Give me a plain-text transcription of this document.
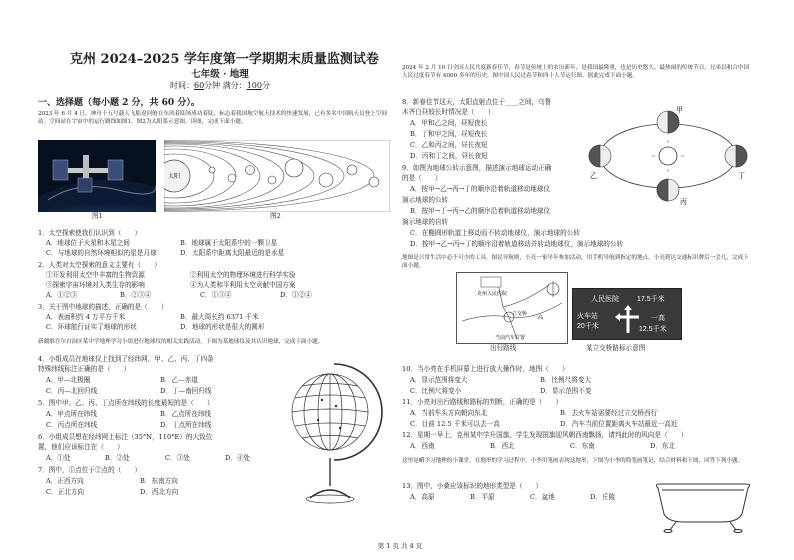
克州 2024–2025 学年度第一学期期末质量监测试卷
七年级 · 地理
时间：60分钟 满分：100分
一、选择题（每小题 2 分，共 60 分）。
2023 年 6 月 4 日，神舟十五号载人飞船返回舱在东风着陆场成功着陆，标志着我国航空航天技术的快速发展，已有多名中国航天员登上空间站。空间站在宇宙中的运行路线如图1，图2为太阳系示意图。读图，完成下面小题。
图1
太阳
图2
1．太空探索使我们认识到（　　）
A．地球位于火星和木星之间	B．地球属于太阳系中的一颗卫星
C．与地球的自然环境相似的星是月球	D．太阳系中距离太阳最近的是水星
2．人类对太空探索的意义主要有（　　）
①开发利用太空中丰富的生物资源	②利用太空的物理环境进行科学实验
③探索宇宙环境对人类生存的影响	④为人类和平利用太空贡献中国方案
A．①②③	B．②③④	C．①③④	D．①②④
3．关于图中地球的描述，正确的是（　　）
A．表面积约 4 万平方千米	B．最大周长约 6371 千米
C．环球航行证实了地球的形状	D．地球的形状是很大的圆形
新疆维吾尔自治区某中学地理学习小组进行地球仪的相关实践活动，下图为某地球仪及其认识地球，完成下面小题。
4．小组成员在地球仪上找到了经纬网，甲、乙、丙、丁四条
特殊纬线标注正确的是（　　）
A．甲—北极圈	B．乙—赤道
C．丙—北回归线	D．丁—南回归线
5．图中甲、乙、丙、丁点所在纬线的长度最短的是（　　）
A．甲点所在纬线	B．乙点所在纬线
C．丙点所在纬线	D．丁点所在纬线
6．小组成员想在经纬网上标注（35°N，110°E）的大致位
置，他们应该标注在（　　）
A．①处	B．②处	C．③处	D．④处
7．图中，①点位于②点的（　　）
A．正西方向	B．东南方向
C．正北方向	D．西北方向
2024 年 2 月 10 日全国人民共度新春佳节，春节是传统上的农历新年，是我国最隆重，也是历史悠久、最热闹的传统节日，兄弟以和合中国人民过度春节有 4000 多年的历史。图中国人民过春节和四十人节运行图。据此完成下面小题。
8．新春佳节这天，太阳直射点位于____之间，乌鲁
木齐白昼较长时情况是（　　）
A．甲和乙之间，昼短夜长
B．丁和甲之间，昼短夜长
C．乙和丙之间，昼长夜短
D．丙和丁之间，昼长夜短
9．如图为地球公转示意图，描述演示地球运动正确
的是（　　）
A．按甲→乙→丙→丁的顺序沿着轨道移动地球仪
演示地球的公转
B．按甲→丁→丙→乙的顺序沿着轨道移动地球仪
演示地球的自转
C．在椭圆形轨道上移动而不转动地球仪，演示地球的公转
D．按甲→乙→丙→丁的顺序沿着轨道移动并转动地球仪，演示地球的公转
甲
乙
丙
丁
地图是日常生活中必不可少的工具，图民导航则，小亮一家早年参加活动，用手机导航到指定的地点，小亮到达交通标识牌后一会儿，完成下面小题。
克州人民医院
立交桥
一高
当前汽车位置
出行路线
人民医院	17.5千米
火车站
20千米
一高
12.5千米
某立交桥路标示意图
10．当小亮在手机屏幕上进行放大操作时，地图（　　）
A．显示范围将变大	B．比例尺将变大
C．比例尺将变小	D．显示范围不变
11．小亮对出行路线和路标的判断，正确的是（　　）
A．当前车头方向朝向东北	B．去火车站需要经过立交桥西行
C．目前 12.5 千米可以去一高	D．汽车当前位置距离火车站最近一高近
12．星期一早上，克州某中学升国旗，学生发现国旗迎风朝西南飘扬，请判此时的风向是（　　）
A．西南	B．西北	C．东南	D．东北
这里是峨学习地理的小课堂，在地形的学习过程中，小李用笔画表现这地形，下图为小李的简笔画笔记，结合材料和下图，回答下列小题。
13．图中，小桑应该标识的地形类型是（　　）
A．高原	B．平原	C．盆地	D．丘陵
第 1 页 共 4 页
